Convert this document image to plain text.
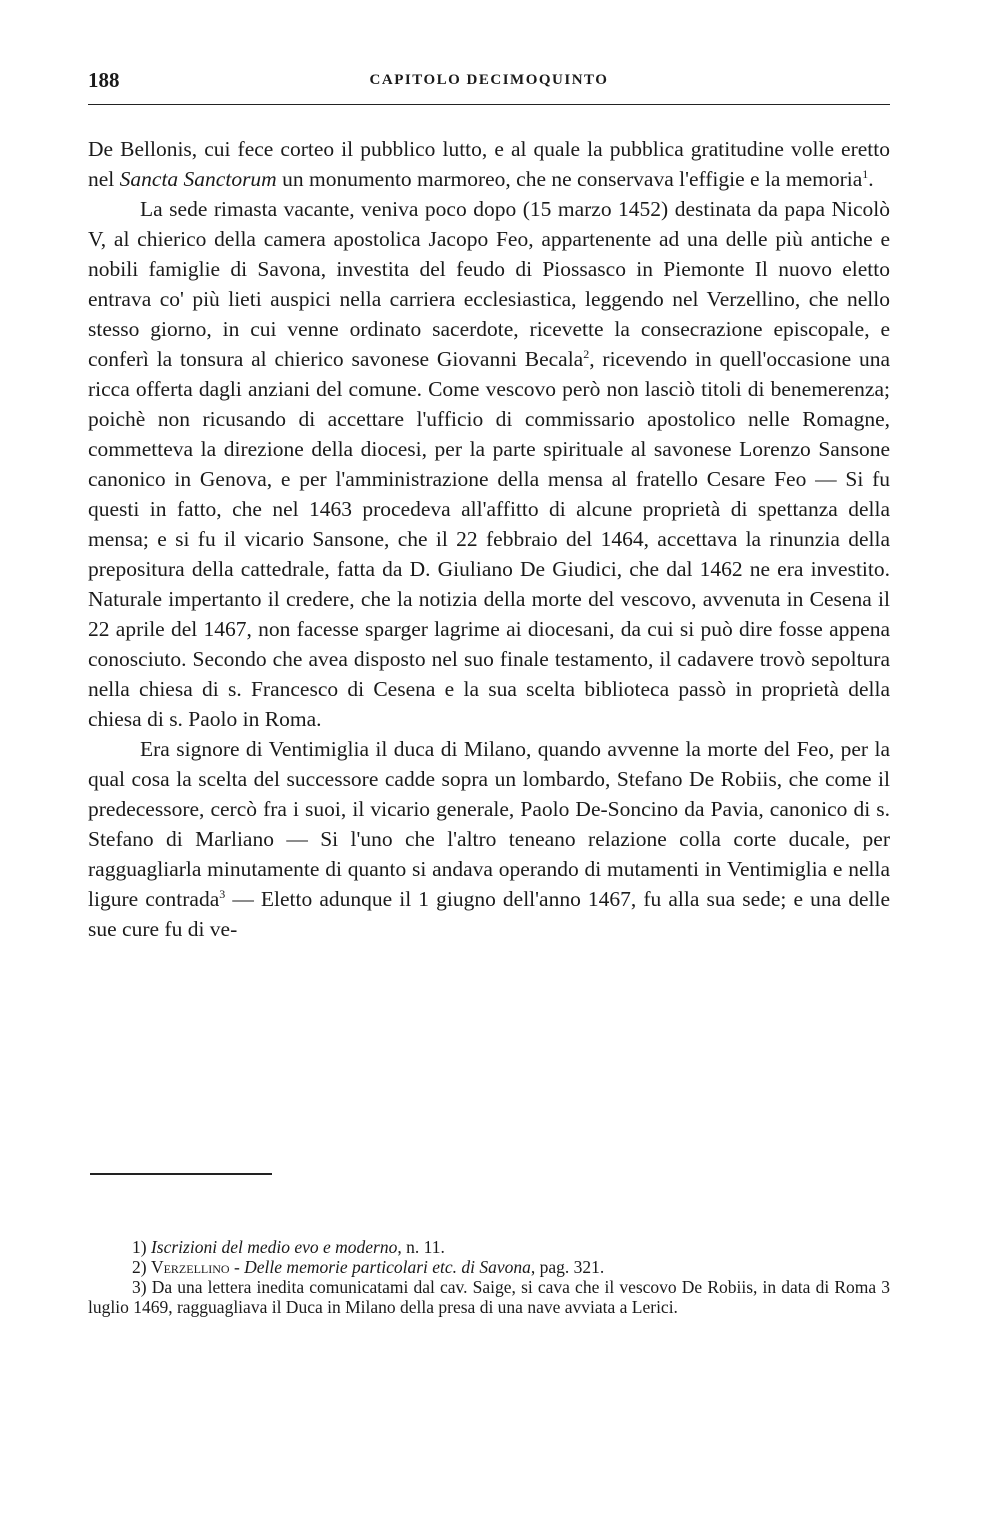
188	CAPITOLO DECIMOQUINTO

De Bellonis, cui fece corteo il pubblico lutto, e al quale la pubblica gratitudine volle eretto nel Sancta Sanctorum un monumento marmoreo, che ne conservava l'effigie e la memoria$^1$.

La sede rimasta vacante, veniva poco dopo (15 marzo 1452) destinata da papa Nicolò V, al chierico della camera apostolica Jacopo Feo, appartenente ad una delle più antiche e nobili famiglie di Savona, investita del feudo di Piossasco in Piemonte Il nuovo eletto entrava co' più lieti auspici nella carriera ecclesiastica, leggendo nel Verzellino, che nello stesso giorno, in cui venne ordinato sacerdote, ricevette la consecrazione episcopale, e conferì la tonsura al chierico savonese Giovanni Becala$^2$, ricevendo in quell'occasione una ricca offerta dagli anziani del comune. Come vescovo però non lasciò titoli di benemerenza; poichè non ricusando di accettare l'ufficio di commissario apostolico nelle Romagne, commetteva la direzione della diocesi, per la parte spirituale al savonese Lorenzo Sansone canonico in Genova, e per l'amministrazione della mensa al fratello Cesare Feo — Si fu questi in fatto, che nel 1463 procedeva all'affitto di alcune proprietà di spettanza della mensa; e si fu il vicario Sansone, che il 22 febbraio del 1464, accettava la rinunzia della prepositura della cattedrale, fatta da D. Giuliano De Giudici, che dal 1462 ne era investito. Naturale impertanto il credere, che la notizia della morte del vescovo, avvenuta in Cesena il 22 aprile del 1467, non facesse sparger lagrime ai diocesani, da cui si può dire fosse appena conosciuto. Secondo che avea disposto nel suo finale testamento, il cadavere trovò sepoltura nella chiesa di s. Francesco di Cesena e la sua scelta biblioteca passò in proprietà della chiesa di s. Paolo in Roma.

Era signore di Ventimiglia il duca di Milano, quando avvenne la morte del Feo, per la qual cosa la scelta del successore cadde sopra un lombardo, Stefano De Robiis, che come il predecessore, cercò fra i suoi, il vicario generale, Paolo De-Soncino da Pavia, canonico di s. Stefano di Marliano — Si l'uno che l'altro teneano relazione colla corte ducale, per ragguagliarla minutamente di quanto si andava operando di mutamenti in Ventimiglia e nella ligure contrada$^3$ — Eletto adunque il 1 giugno dell'anno 1467, fu alla sua sede; e una delle sue cure fu di ve-

1) Iscrizioni del medio evo e moderno, n. 11.

2) Verzellino - Delle memorie particolari etc. di Savona, pag. 321.

3) Da una lettera inedita comunicatami dal cav. Saige, si cava che il vescovo De Robiis, in data di Roma 3 luglio 1469, ragguagliava il Duca in Milano della presa di una nave avviata a Lerici.
